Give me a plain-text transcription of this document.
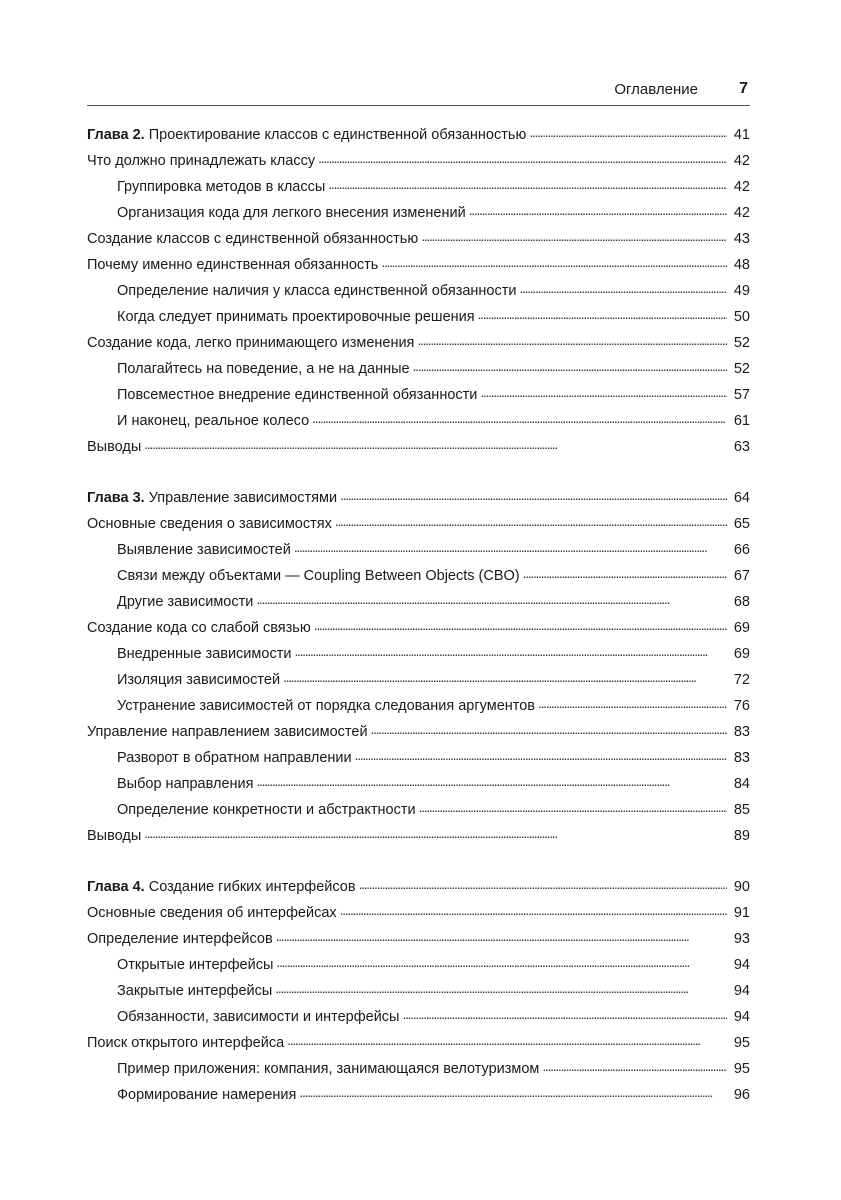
Оглавление	7
Глава 2. Проектирование классов с единственной обязанностью . . .	41
Что должно принадлежать классу . . .	42
Группировка методов в классы . . .	42
Организация кода для легкого внесения изменений . . .	42
Создание классов с единственной обязанностью . . .	43
Почему именно единственная обязанность . . .	48
Определение наличия у класса единственной обязанности . . .	49
Когда следует принимать проектировочные решения . . .	50
Создание кода, легко принимающего изменения . . .	52
Полагайтесь на поведение, а не на данные . . .	52
Повсеместное внедрение единственной обязанности . . .	57
И наконец, реальное колесо . . .	61
Выводы . . .	63
Глава 3. Управление зависимостями . . .	64
Основные сведения о зависимостях . . .	65
Выявление зависимостей . . .	66
Связи между объектами — Coupling Between Objects (CBO) . . .	67
Другие зависимости . . .	68
Создание кода со слабой связью . . .	69
Внедренные зависимости . . .	69
Изоляция зависимостей . . .	72
Устранение зависимостей от порядка следования аргументов . . .	76
Управление направлением зависимостей . . .	83
Разворот в обратном направлении . . .	83
Выбор направления . . .	84
Определение конкретности и абстрактности . . .	85
Выводы . . .	89
Глава 4. Создание гибких интерфейсов . . .	90
Основные сведения об интерфейсах . . .	91
Определение интерфейсов . . .	93
Открытые интерфейсы . . .	94
Закрытые интерфейсы . . .	94
Обязанности, зависимости и интерфейсы . . .	94
Поиск открытого интерфейса . . .	95
Пример приложения: компания, занимающаяся велотуризмом . . .	95
Формирование намерения . . .	96
